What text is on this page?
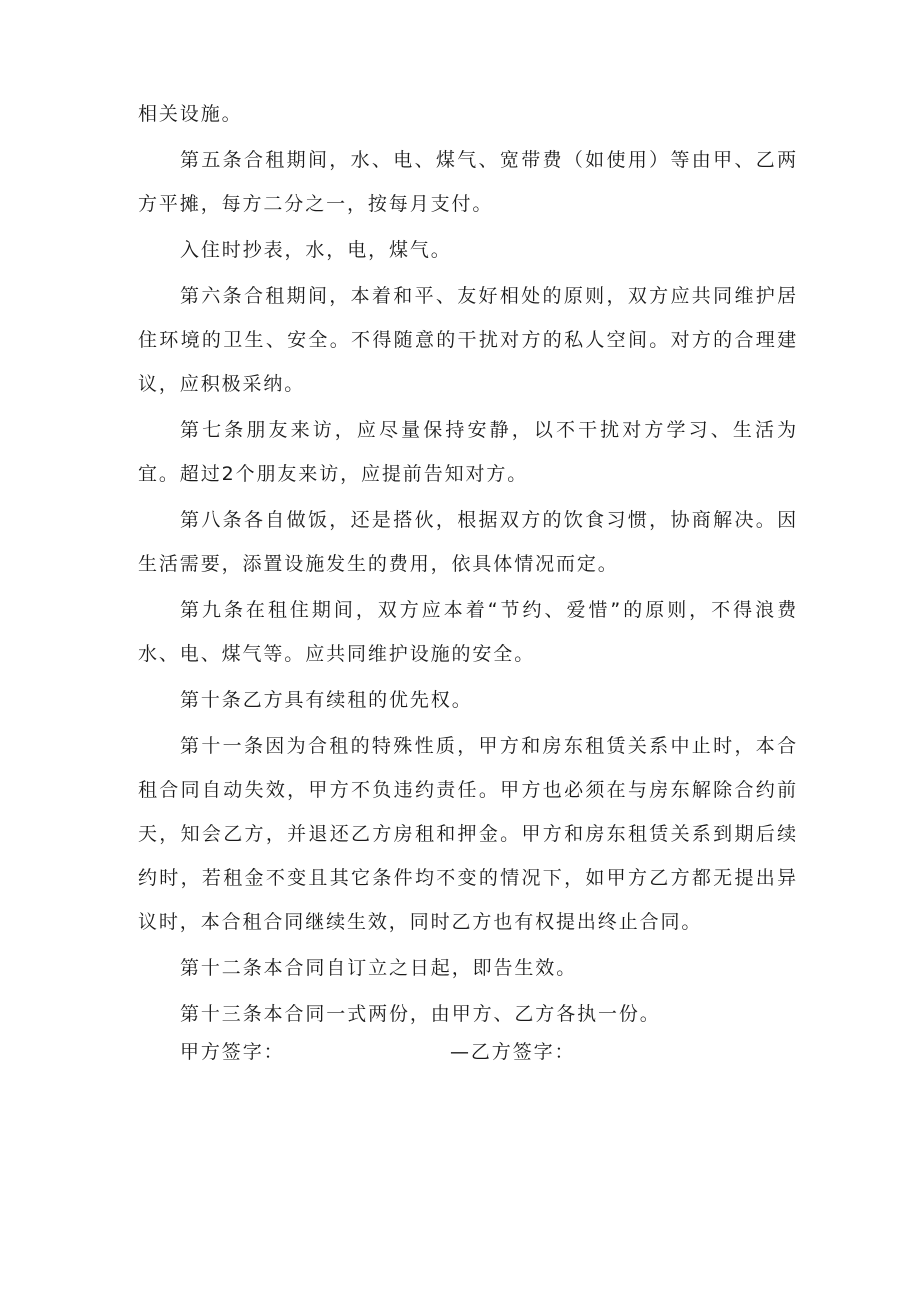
相关设施。

第五条合租期间，水、电、煤气、宽带费（如使用）等由甲、乙两方平摊，每方二分之一，按每月支付。

入住时抄表，水，电，煤气。

第六条合租期间，本着和平、友好相处的原则，双方应共同维护居住环境的卫生、安全。不得随意的干扰对方的私人空间。对方的合理建议，应积极采纳。

第七条朋友来访，应尽量保持安静，以不干扰对方学习、生活为宜。超过2个朋友来访，应提前告知对方。

第八条各自做饭，还是搭伙，根据双方的饮食习惯，协商解决。因生活需要，添置设施发生的费用，依具体情况而定。

第九条在租住期间，双方应本着“节约、爱惜”的原则，不得浪费水、电、煤气等。应共同维护设施的安全。

第十条乙方具有续租的优先权。

第十一条因为合租的特殊性质，甲方和房东租赁关系中止时，本合租合同自动失效，甲方不负违约责任。甲方也必须在与房东解除合约前天，知会乙方，并退还乙方房租和押金。甲方和房东租赁关系到期后续约时，若租金不变且其它条件均不变的情况下，如甲方乙方都无提出异议时，本合租合同继续生效，同时乙方也有权提出终止合同。

第十二条本合同自订立之日起，即告生效。

第十三条本合同一式两份，由甲方、乙方各执一份。

甲方签字：	—乙方签字：
